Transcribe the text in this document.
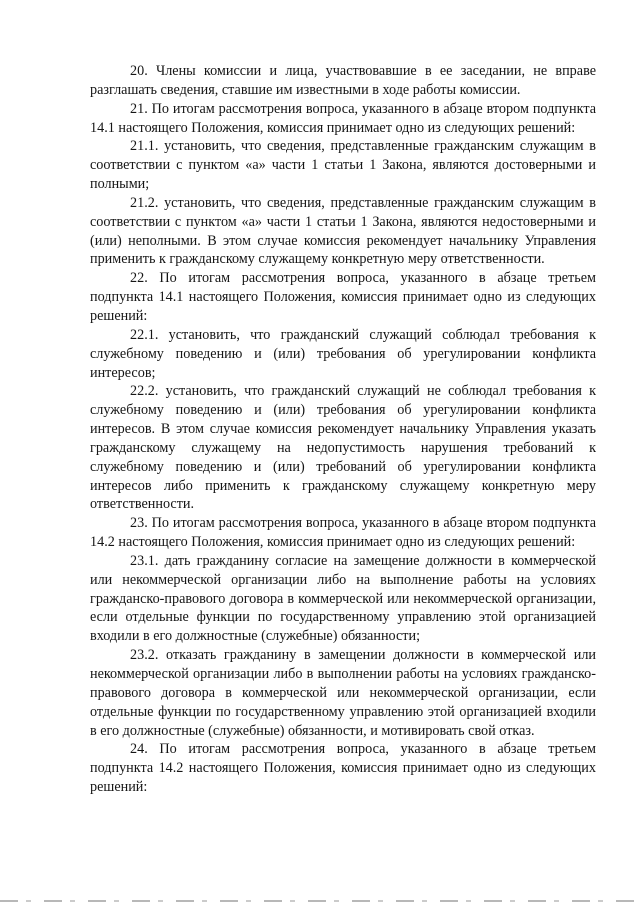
20. Члены комиссии и лица, участвовавшие в ее заседании, не вправе разглашать сведения, ставшие им известными в ходе работы комиссии.

21. По итогам рассмотрения вопроса, указанного в абзаце втором подпункта 14.1 настоящего Положения, комиссия принимает одно из следующих решений:

21.1. установить, что сведения, представленные гражданским служащим в соответствии с пунктом «а» части 1 статьи 1 Закона, являются достоверными и полными;

21.2. установить, что сведения, представленные гражданским служащим в соответствии с пунктом «а» части 1 статьи 1 Закона, являются недостоверными и (или) неполными. В этом случае комиссия рекомендует начальнику Управления применить к гражданскому служащему конкретную меру ответственности.

22. По итогам рассмотрения вопроса, указанного в абзаце третьем подпункта 14.1 настоящего Положения, комиссия принимает одно из следующих решений:

22.1. установить, что гражданский служащий соблюдал требования к служебному поведению и (или) требования об урегулировании конфликта интересов;

22.2. установить, что гражданский служащий не соблюдал требования к служебному поведению и (или) требования об урегулировании конфликта интересов. В этом случае комиссия рекомендует начальнику Управления указать гражданскому служащему на недопустимость нарушения требований к служебному поведению и (или) требований об урегулировании конфликта интересов либо применить к гражданскому служащему конкретную меру ответственности.

23. По итогам рассмотрения вопроса, указанного в абзаце втором подпункта 14.2 настоящего Положения, комиссия принимает одно из следующих решений:

23.1. дать гражданину согласие на замещение должности в коммерческой или некоммерческой организации либо на выполнение работы на условиях гражданско-правового договора в коммерческой или некоммерческой организации, если отдельные функции по государственному управлению этой организацией входили в его должностные (служебные) обязанности;

23.2. отказать гражданину в замещении должности в коммерческой или некоммерческой организации либо в выполнении работы на условиях гражданско-правового договора в коммерческой или некоммерческой организации, если отдельные функции по государственному управлению этой организацией входили в его должностные (служебные) обязанности, и мотивировать свой отказ.

24. По итогам рассмотрения вопроса, указанного в абзаце третьем подпункта 14.2 настоящего Положения, комиссия принимает одно из следующих решений:
